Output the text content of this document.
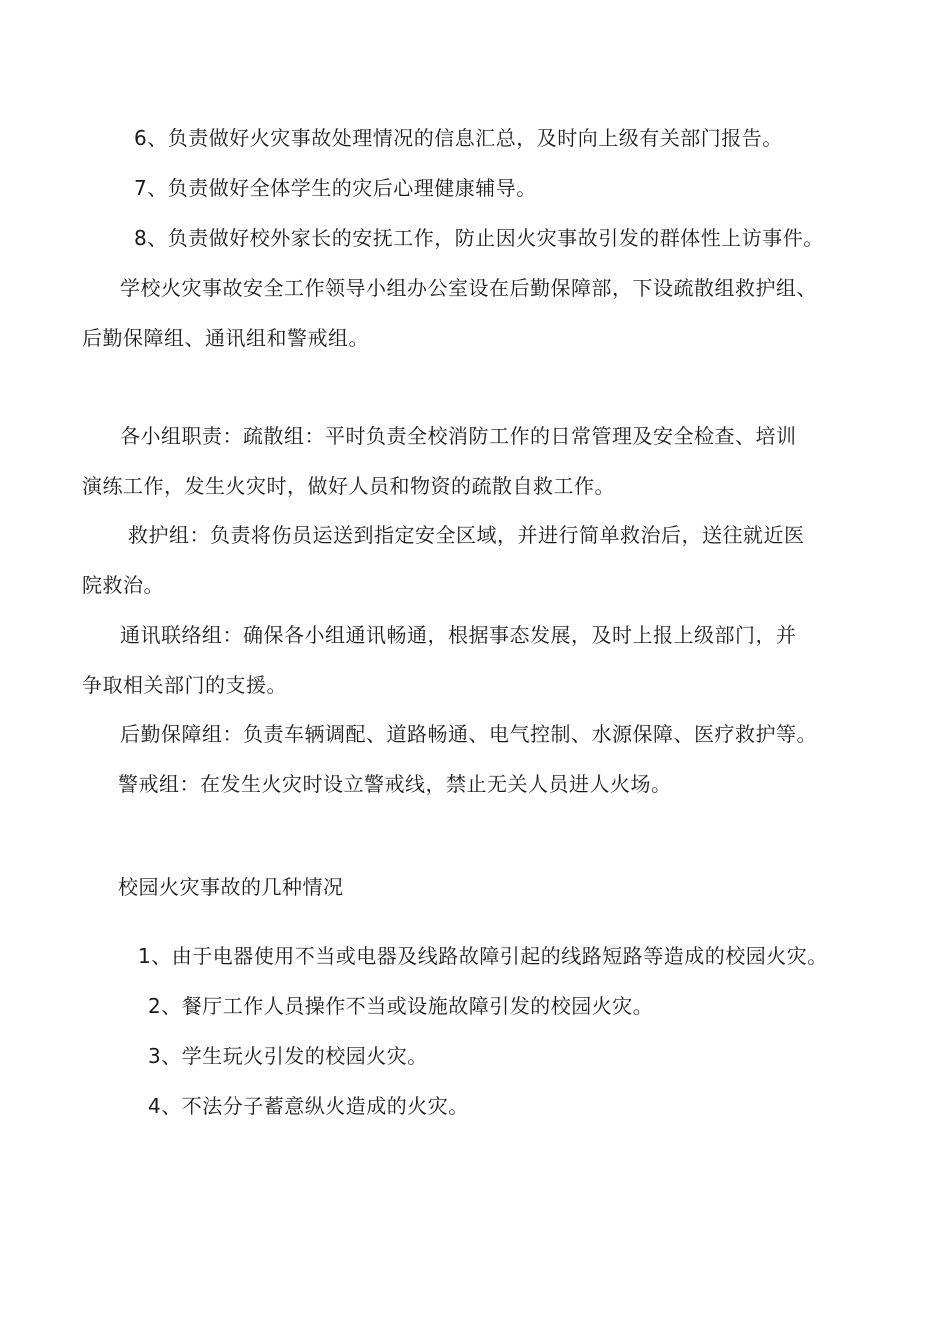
6、负责做好火灾事故处理情况的信息汇总，及时向上级有关部门报告。
7、负责做好全体学生的灾后心理健康辅导。
8、负责做好校外家长的安抚工作，防止因火灾事故引发的群体性上访事件。
学校火灾事故安全工作领导小组办公室设在后勤保障部，下设疏散组救护组、
后勤保障组、通讯组和警戒组。
各小组职责：疏散组：平时负责全校消防工作的日常管理及安全检查、培训
演练工作，发生火灾时，做好人员和物资的疏散自救工作。
救护组：负责将伤员运送到指定安全区域，并进行简单救治后，送往就近医
院救治。
通讯联络组：确保各小组通讯畅通，根据事态发展，及时上报上级部门，并
争取相关部门的支援。
后勤保障组：负责车辆调配、道路畅通、电气控制、水源保障、医疗救护等。
警戒组：在发生火灾时设立警戒线，禁止无关人员进人火场。
校园火灾事故的几种情况
1、由于电器使用不当或电器及线路故障引起的线路短路等造成的校园火灾。
2、餐厅工作人员操作不当或设施故障引发的校园火灾。
3、学生玩火引发的校园火灾。
4、不法分子蓄意纵火造成的火灾。
